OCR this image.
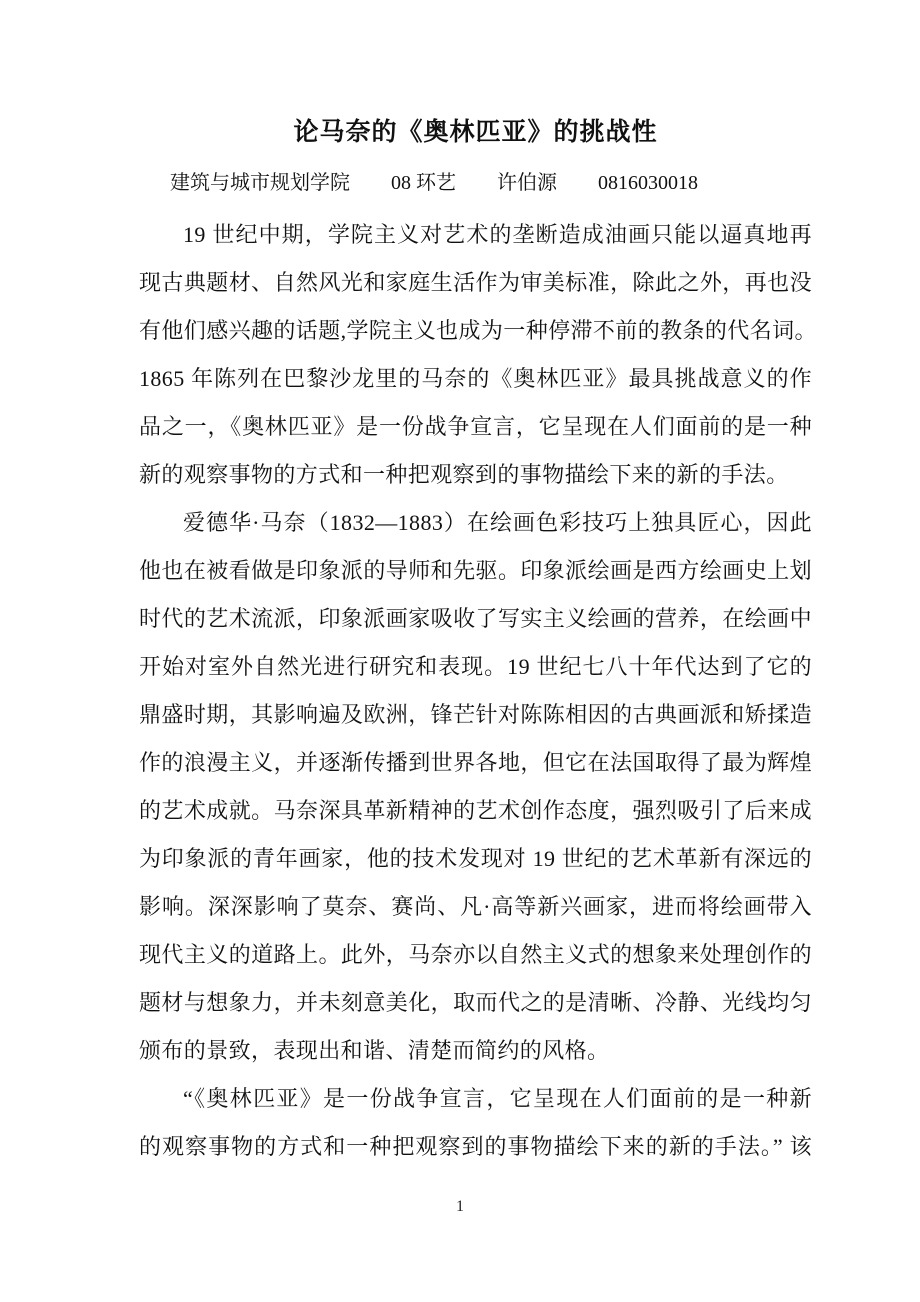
论马奈的《奥林匹亚》的挑战性
建筑与城市规划学院 08 环艺 许伯源 0816030018
19 世纪中期，学院主义对艺术的垄断造成油画只能以逼真地再
现古典题材、自然风光和家庭生活作为审美标准，除此之外，再也没
有他们感兴趣的话题,学院主义也成为一种停滞不前的教条的代名词。
1865 年陈列在巴黎沙龙里的马奈的《奥林匹亚》最具挑战意义的作
品之一，《奥林匹亚》是一份战争宣言，它呈现在人们面前的是一种
新的观察事物的方式和一种把观察到的事物描绘下来的新的手法。
爱德华·马奈（1832—1883）在绘画色彩技巧上独具匠心，因此
他也在被看做是印象派的导师和先驱。印象派绘画是西方绘画史上划
时代的艺术流派，印象派画家吸收了写实主义绘画的营养，在绘画中
开始对室外自然光进行研究和表现。19 世纪七八十年代达到了它的
鼎盛时期，其影响遍及欧洲，锋芒针对陈陈相因的古典画派和矫揉造
作的浪漫主义，并逐渐传播到世界各地，但它在法国取得了最为辉煌
的艺术成就。马奈深具革新精神的艺术创作态度，强烈吸引了后来成
为印象派的青年画家，他的技术发现对 19 世纪的艺术革新有深远的
影响。深深影响了莫奈、赛尚、凡·高等新兴画家，进而将绘画带入
现代主义的道路上。此外，马奈亦以自然主义式的想象来处理创作的
题材与想象力，并未刻意美化，取而代之的是清晰、冷静、光线均匀
颁布的景致，表现出和谐、清楚而简约的风格。
“《奥林匹亚》是一份战争宣言，它呈现在人们面前的是一种新
的观察事物的方式和一种把观察到的事物描绘下来的新的手法。” 该
1
